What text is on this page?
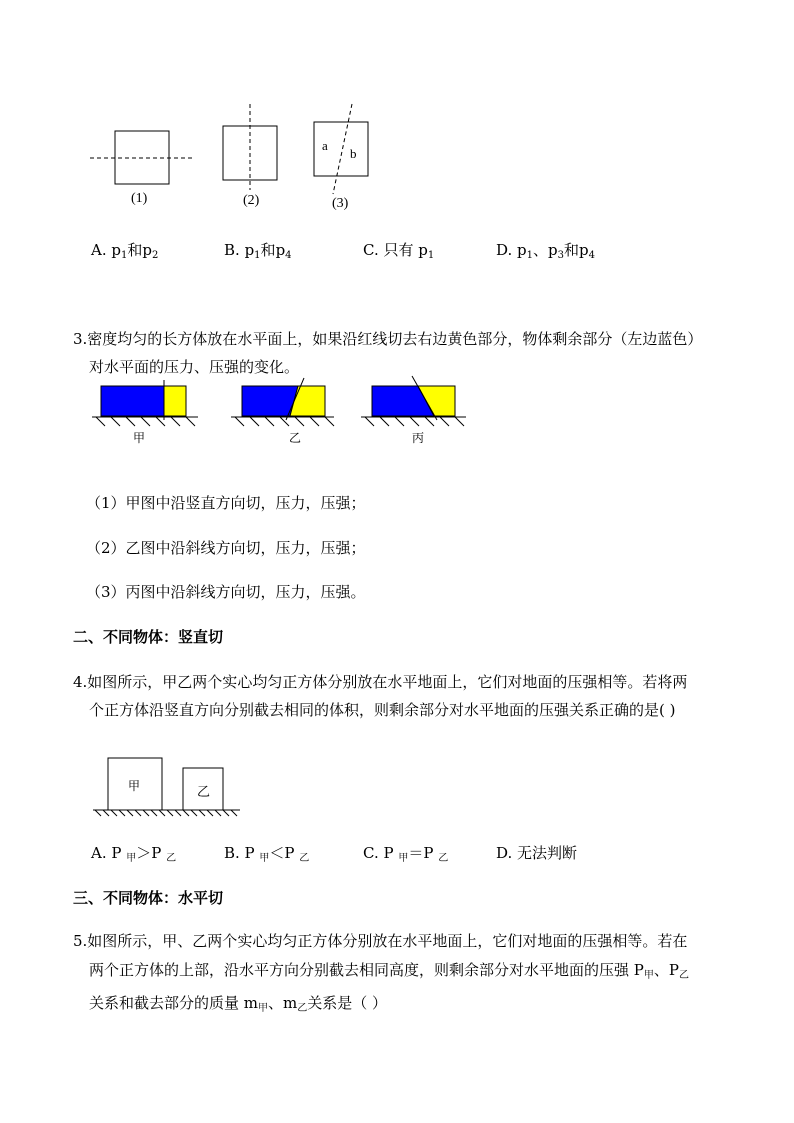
a
b
(1)	(2)	(3)
A. $p_1$和$p_2$	B. $p_1$和$p_4$	C. 只有 $p_1$	D. $p_1$、$p_3$和$p_4$
3.密度均匀的长方体放在水平面上，如果沿红线切去右边黄色部分，物体剩余部分（左边蓝色）
对水平面的压力、压强的变化。
甲	乙	丙
（1）甲图中沿竖直方向切，压力，压强；
（2）乙图中沿斜线方向切，压力，压强；
（3）丙图中沿斜线方向切，压力，压强。
二、不同物体：竖直切
4.如图所示，甲乙两个实心均匀正方体分别放在水平地面上，它们对地面的压强相等。若将两
个正方体沿竖直方向分别截去相同的体积，则剩余部分对水平地面的压强关系正确的是( )
甲	乙
A. P $_甲$＞P $_乙$	B. P $_甲$＜P $_乙$	C. P $_甲$＝P $_乙$	D. 无法判断
三、不同物体：水平切
5.如图所示，甲、乙两个实心均匀正方体分别放在水平地面上，它们对地面的压强相等。若在
两个正方体的上部，沿水平方向分别截去相同高度，则剩余部分对水平地面的压强 $P_甲$、$P_乙$
关系和截去部分的质量 $m_甲$、$m_乙$关系是（ ）
